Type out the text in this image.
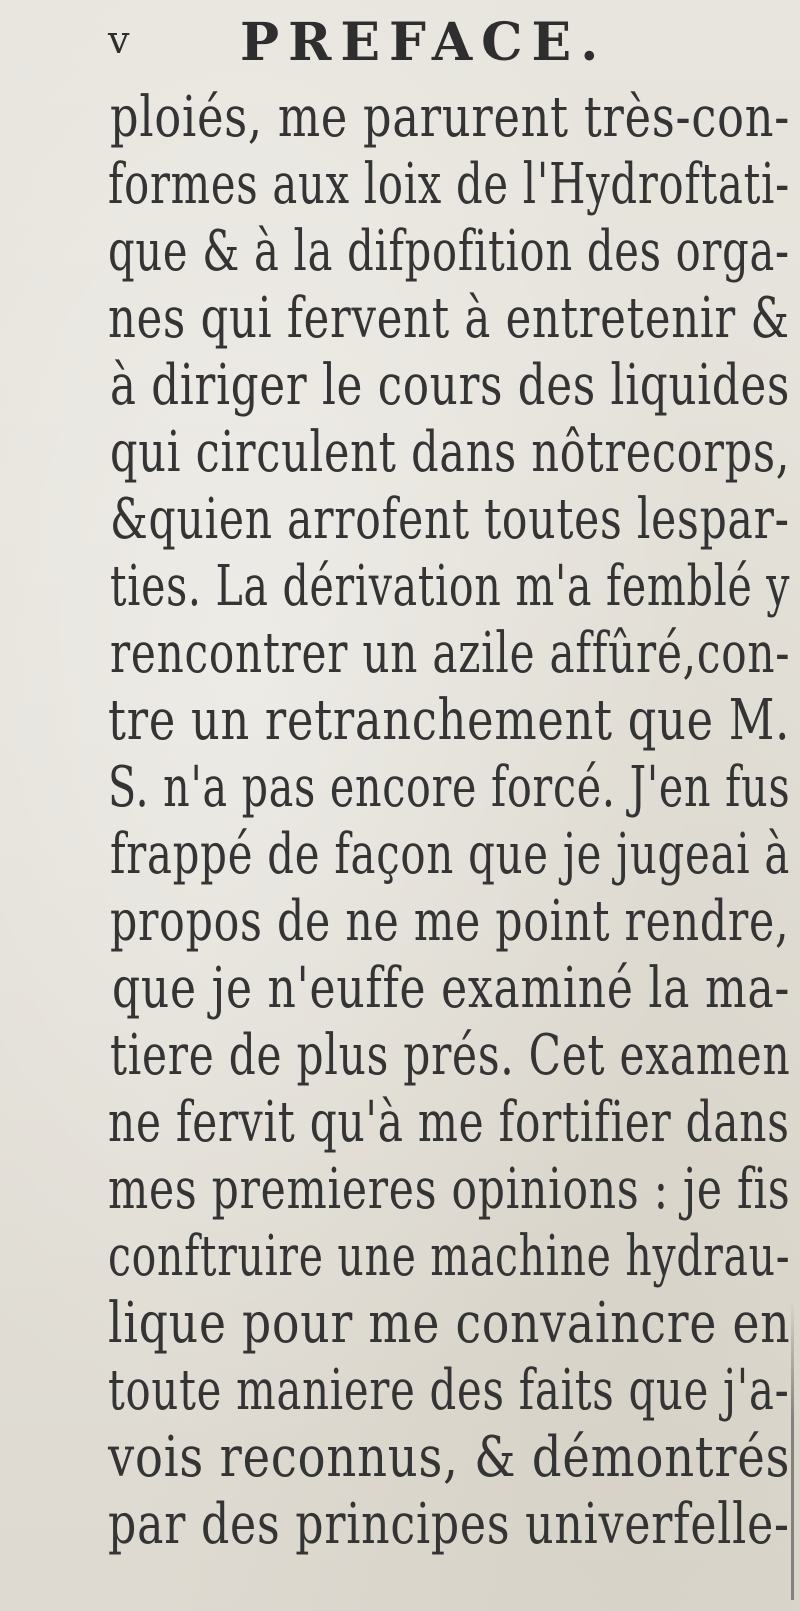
v PREFACE.
ploiés, me parurent très-con-
formes aux loix de l'Hydroftati-
que & à la difpofition des orga-
nes qui fervent à entretenir &
à diriger le cours des liquides
qui circulent dans nôtrecorps,
&quien arrofent toutes lespar-
ties. La dérivation m'a femblé y
rencontrer un azile affûré,con-
tre un retranchement que M.
S. n'a pas encore forcé. J'en fus
frappé de façon que je jugeai à
propos de ne me point rendre,
que je n'euffe examiné la ma-
tiere de plus prés. Cet examen
ne fervit qu'à me fortifier dans
mes premieres opinions : je fis
conftruire une machine hydrau-
lique pour me convaincre en
toute maniere des faits que j'a-
vois reconnus, & démontrés
par des principes univerfelle-
